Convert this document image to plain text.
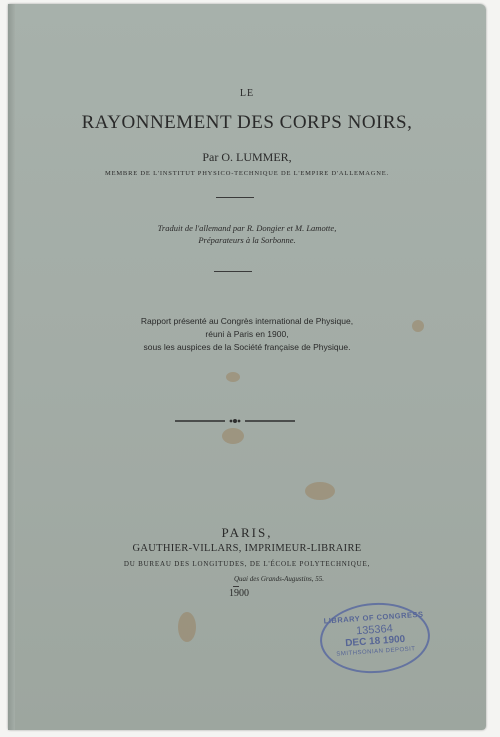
LE

RAYONNEMENT DES CORPS NOIRS,

Par O. LUMMER,

MEMBRE DE L'INSTITUT PHYSICO-TECHNIQUE DE L'EMPIRE D'ALLEMAGNE.

Traduit de l'allemand par R. Dongier et M. Lamotte,
Préparateurs à la Sorbonne.
Rapport présenté au Congrès international de Physique,
réuni à Paris en 1900,
sous les auspices de la Société française de Physique.

PARIS,

GAUTHIER-VILLARS, IMPRIMEUR-LIBRAIRE

DU BUREAU DES LONGITUDES, DE L'ÉCOLE POLYTECHNIQUE,

Quai des Grands-Augustins, 55.

1900

LIBRARY OF CONGRESS
135364
DEC 18 1900
SMITHSONIAN DEPOSIT
